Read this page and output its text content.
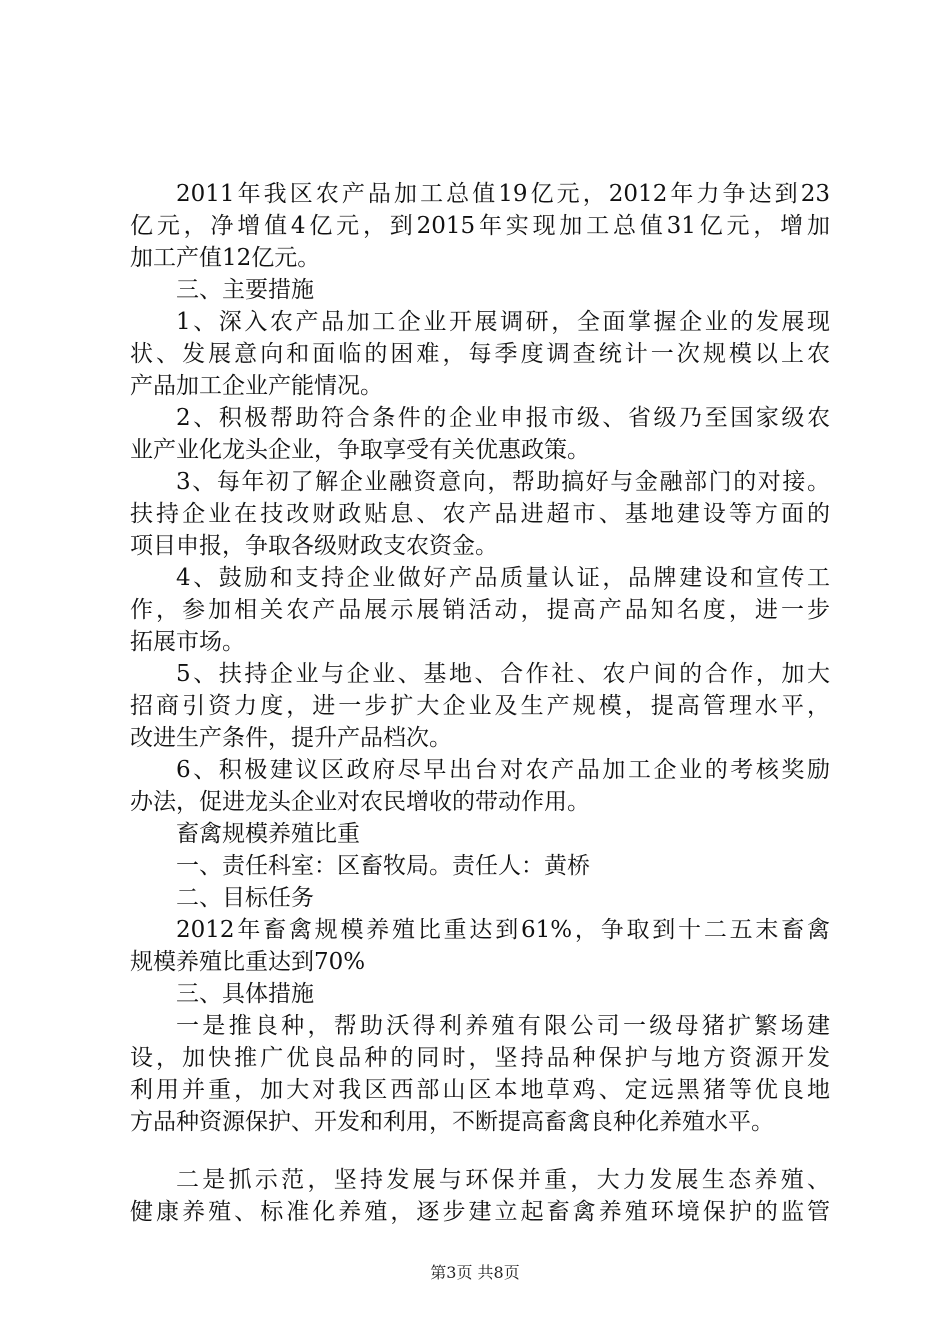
2011年我区农产品加工总值19亿元，2012年力争达到23
亿元，净增值4亿元，到2015年实现加工总值31亿元，增加
加工产值12亿元。
三、主要措施
1、深入农产品加工企业开展调研，全面掌握企业的发展现
状、发展意向和面临的困难，每季度调查统计一次规模以上农
产品加工企业产能情况。
2、积极帮助符合条件的企业申报市级、省级乃至国家级农
业产业化龙头企业，争取享受有关优惠政策。
3、每年初了解企业融资意向，帮助搞好与金融部门的对接。
扶持企业在技改财政贴息、农产品进超市、基地建设等方面的
项目申报，争取各级财政支农资金。
4、鼓励和支持企业做好产品质量认证，品牌建设和宣传工
作，参加相关农产品展示展销活动，提高产品知名度，进一步
拓展市场。
5、扶持企业与企业、基地、合作社、农户间的合作，加大
招商引资力度，进一步扩大企业及生产规模，提高管理水平，
改进生产条件，提升产品档次。
6、积极建议区政府尽早出台对农产品加工企业的考核奖励
办法，促进龙头企业对农民增收的带动作用。
畜禽规模养殖比重
一、责任科室：区畜牧局。责任人：黄桥
二、目标任务
2012年畜禽规模养殖比重达到61%，争取到十二五末畜禽
规模养殖比重达到70%
三、具体措施
一是推良种，帮助沃得利养殖有限公司一级母猪扩繁场建
设，加快推广优良品种的同时，坚持品种保护与地方资源开发
利用并重，加大对我区西部山区本地草鸡、定远黑猪等优良地
方品种资源保护、开发和利用，不断提高畜禽良种化养殖水平。
二是抓示范，坚持发展与环保并重，大力发展生态养殖、
健康养殖、标准化养殖，逐步建立起畜禽养殖环境保护的监管
第3页 共8页
